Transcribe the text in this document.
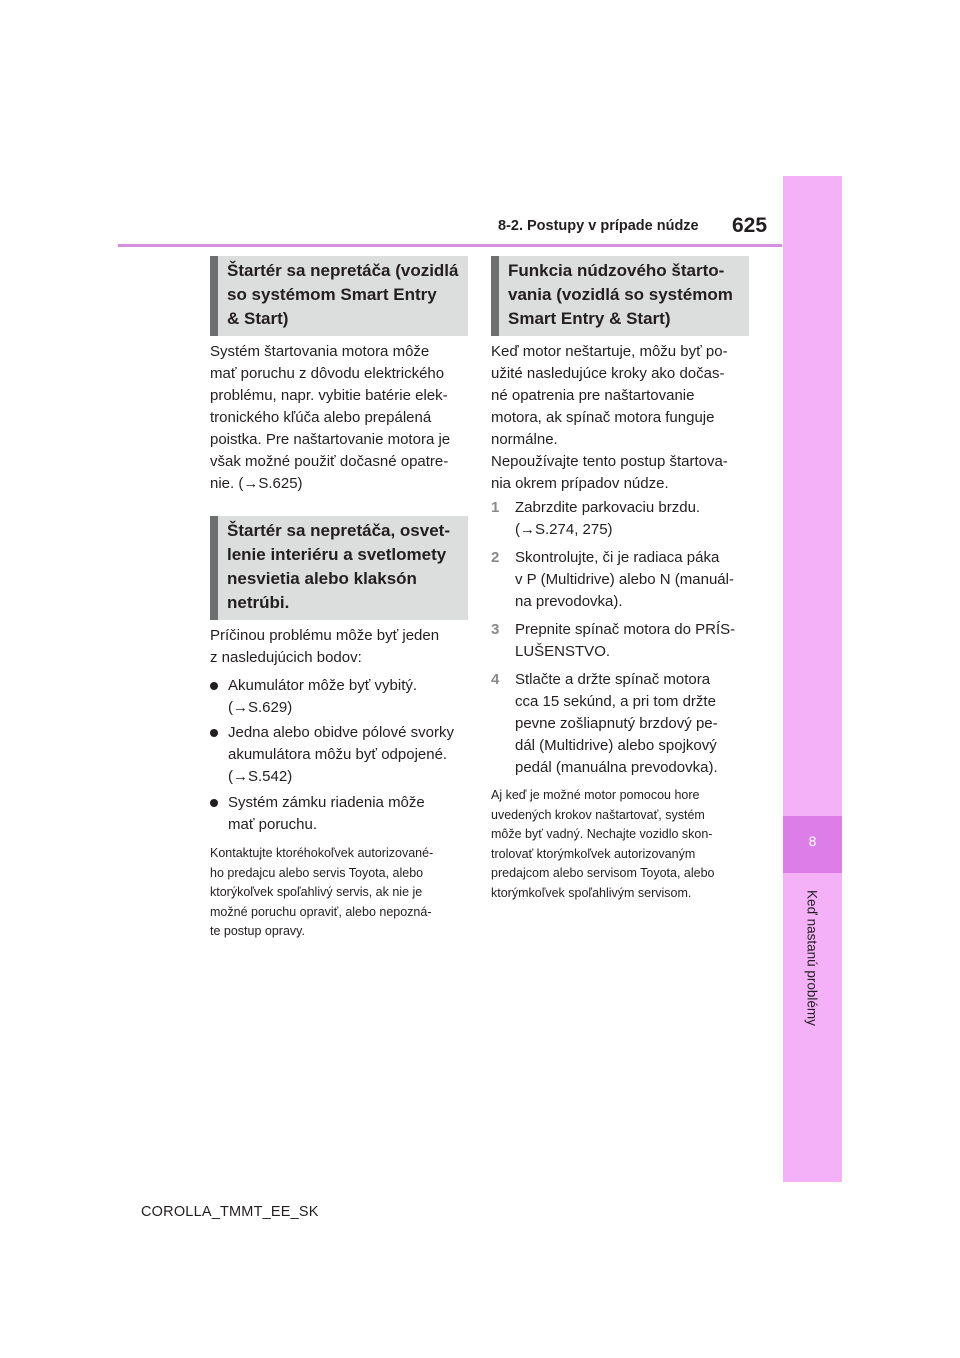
8-2. Postupy v prípade núdze 625
8
Keď nastanú problémy
Štartér sa nepretáča (vozidlá
so systémom Smart Entry
& Start)

Systém štartovania motora môže

mať poruchu z dôvodu elektrického

problému, napr. vybitie batérie elek-

tronického kľúča alebo prepálená

poistka. Pre naštartovanie motora je

však možné použiť dočasné opatre-

nie. (→S.625)

Štartér sa nepretáča, osvet-
lenie interiéru a svetlomety
nesvietia alebo klaksón
netrúbi.

Príčinou problému môže byť jeden

z nasledujúcich bodov:

Akumulátor môže byť vybitý.
(→S.629)
Jedna alebo obidve pólové svorky
akumulátora môžu byť odpojené.
(→S.542)
Systém zámku riadenia môže
mať poruchu.
Kontaktujte ktoréhokoľvek autorizované-
ho predajcu alebo servis Toyota, alebo
ktorýkoľvek spoľahlivý servis, ak nie je
možné poruchu opraviť, alebo nepozná-
te postup opravy.
Funkcia núdzového štarto-
vania (vozidlá so systémom
Smart Entry & Start)

Keď motor neštartuje, môžu byť po-

užité nasledujúce kroky ako dočas-

né opatrenia pre naštartovanie

motora, ak spínač motora funguje

normálne.

Nepoužívajte tento postup štartova-

nia okrem prípadov núdze.

1 Zabrzdite parkovaciu brzdu.
(→S.274, 275)
2 Skontrolujte, či je radiaca páka
v P (Multidrive) alebo N (manuál-
na prevodovka).
3 Prepnite spínač motora do PRÍS-
LUŠENSTVO.
4 Stlačte a držte spínač motora
cca 15 sekúnd, a pri tom držte
pevne zošliapnutý brzdový pe-
dál (Multidrive) alebo spojkový
pedál (manuálna prevodovka).
Aj keď je možné motor pomocou hore
uvedených krokov naštartovať, systém
môže byť vadný. Nechajte vozidlo skon-
trolovať ktorýmkoľvek autorizovaným
predajcom alebo servisom Toyota, alebo
ktorýmkoľvek spoľahlivým servisom.
COROLLA_TMMT_EE_SK
